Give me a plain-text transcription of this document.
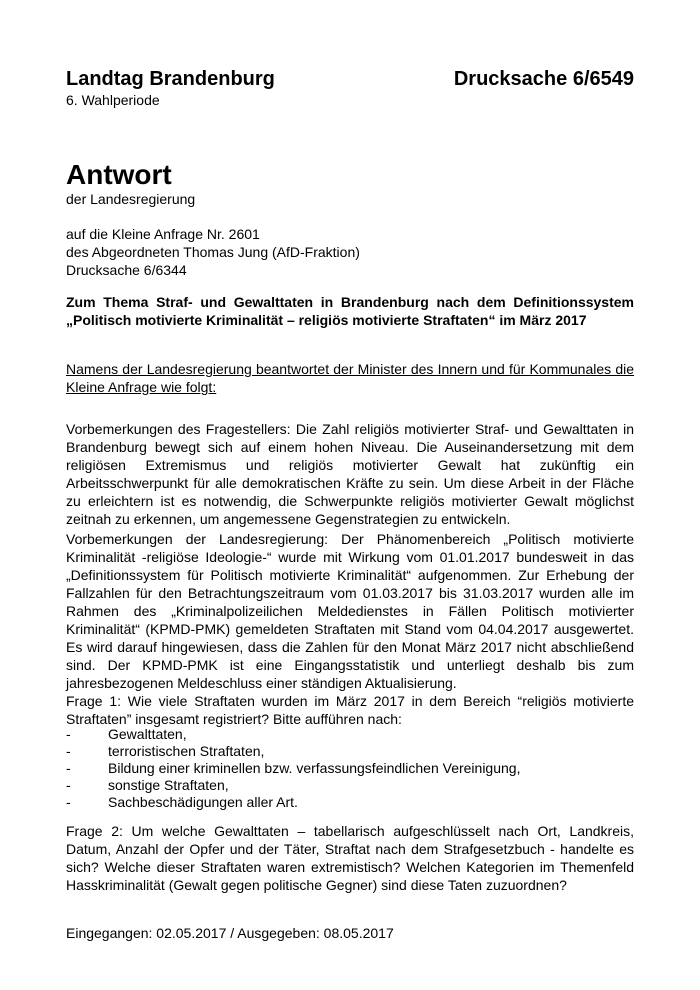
Landtag Brandenburg	Drucksache 6/6549
6. Wahlperiode
Antwort
der Landesregierung
auf die Kleine Anfrage Nr. 2601
des Abgeordneten Thomas Jung (AfD-Fraktion)
Drucksache 6/6344
Zum Thema Straf- und Gewalttaten in Brandenburg nach dem Definitionssystem „Politisch motivierte Kriminalität – religiös motivierte Straftaten“ im März 2017
Namens der Landesregierung beantwortet der Minister des Innern und für Kommunales die Kleine Anfrage wie folgt:
Vorbemerkungen des Fragestellers: Die Zahl religiös motivierter Straf- und Gewalttaten in Brandenburg bewegt sich auf einem hohen Niveau. Die Auseinandersetzung mit dem religiösen Extremismus und religiös motivierter Gewalt hat zukünftig ein Arbeitsschwerpunkt für alle demokratischen Kräfte zu sein. Um diese Arbeit in der Fläche zu erleichtern ist es notwendig, die Schwerpunkte religiös motivierter Gewalt möglichst zeitnah zu erkennen, um angemessene Gegenstrategien zu entwickeln.
Vorbemerkungen der Landesregierung: Der Phänomenbereich „Politisch motivierte Kriminalität -religiöse Ideologie-“ wurde mit Wirkung vom 01.01.2017 bundesweit in das „Definitionssystem für Politisch motivierte Kriminalität“ aufgenommen. Zur Erhebung der Fallzahlen für den Betrachtungszeitraum vom 01.03.2017 bis 31.03.2017 wurden alle im Rahmen des „Kriminalpolizeilichen Meldedienstes in Fällen Politisch motivierter Kriminalität“ (KPMD-PMK) gemeldeten Straftaten mit Stand vom 04.04.2017 ausgewertet. Es wird darauf hingewiesen, dass die Zahlen für den Monat März 2017 nicht abschließend sind. Der KPMD-PMK ist eine Eingangsstatistik und unterliegt deshalb bis zum jahresbezogenen Meldeschluss einer ständigen Aktualisierung.
Frage 1: Wie viele Straftaten wurden im März 2017 in dem Bereich “religiös motivierte Straftaten” insgesamt registriert? Bitte aufführen nach:
-	Gewalttaten,
-	terroristischen Straftaten,
-	Bildung einer kriminellen bzw. verfassungsfeindlichen Vereinigung,
-	sonstige Straftaten,
-	Sachbeschädigungen aller Art.
Frage 2: Um welche Gewalttaten – tabellarisch aufgeschlüsselt nach Ort, Landkreis, Datum, Anzahl der Opfer und der Täter, Straftat nach dem Strafgesetzbuch - handelte es sich? Welche dieser Straftaten waren extremistisch? Welchen Kategorien im Themenfeld Hasskriminalität (Gewalt gegen politische Gegner) sind diese Taten zuzuordnen?
Eingegangen: 02.05.2017 / Ausgegeben: 08.05.2017
